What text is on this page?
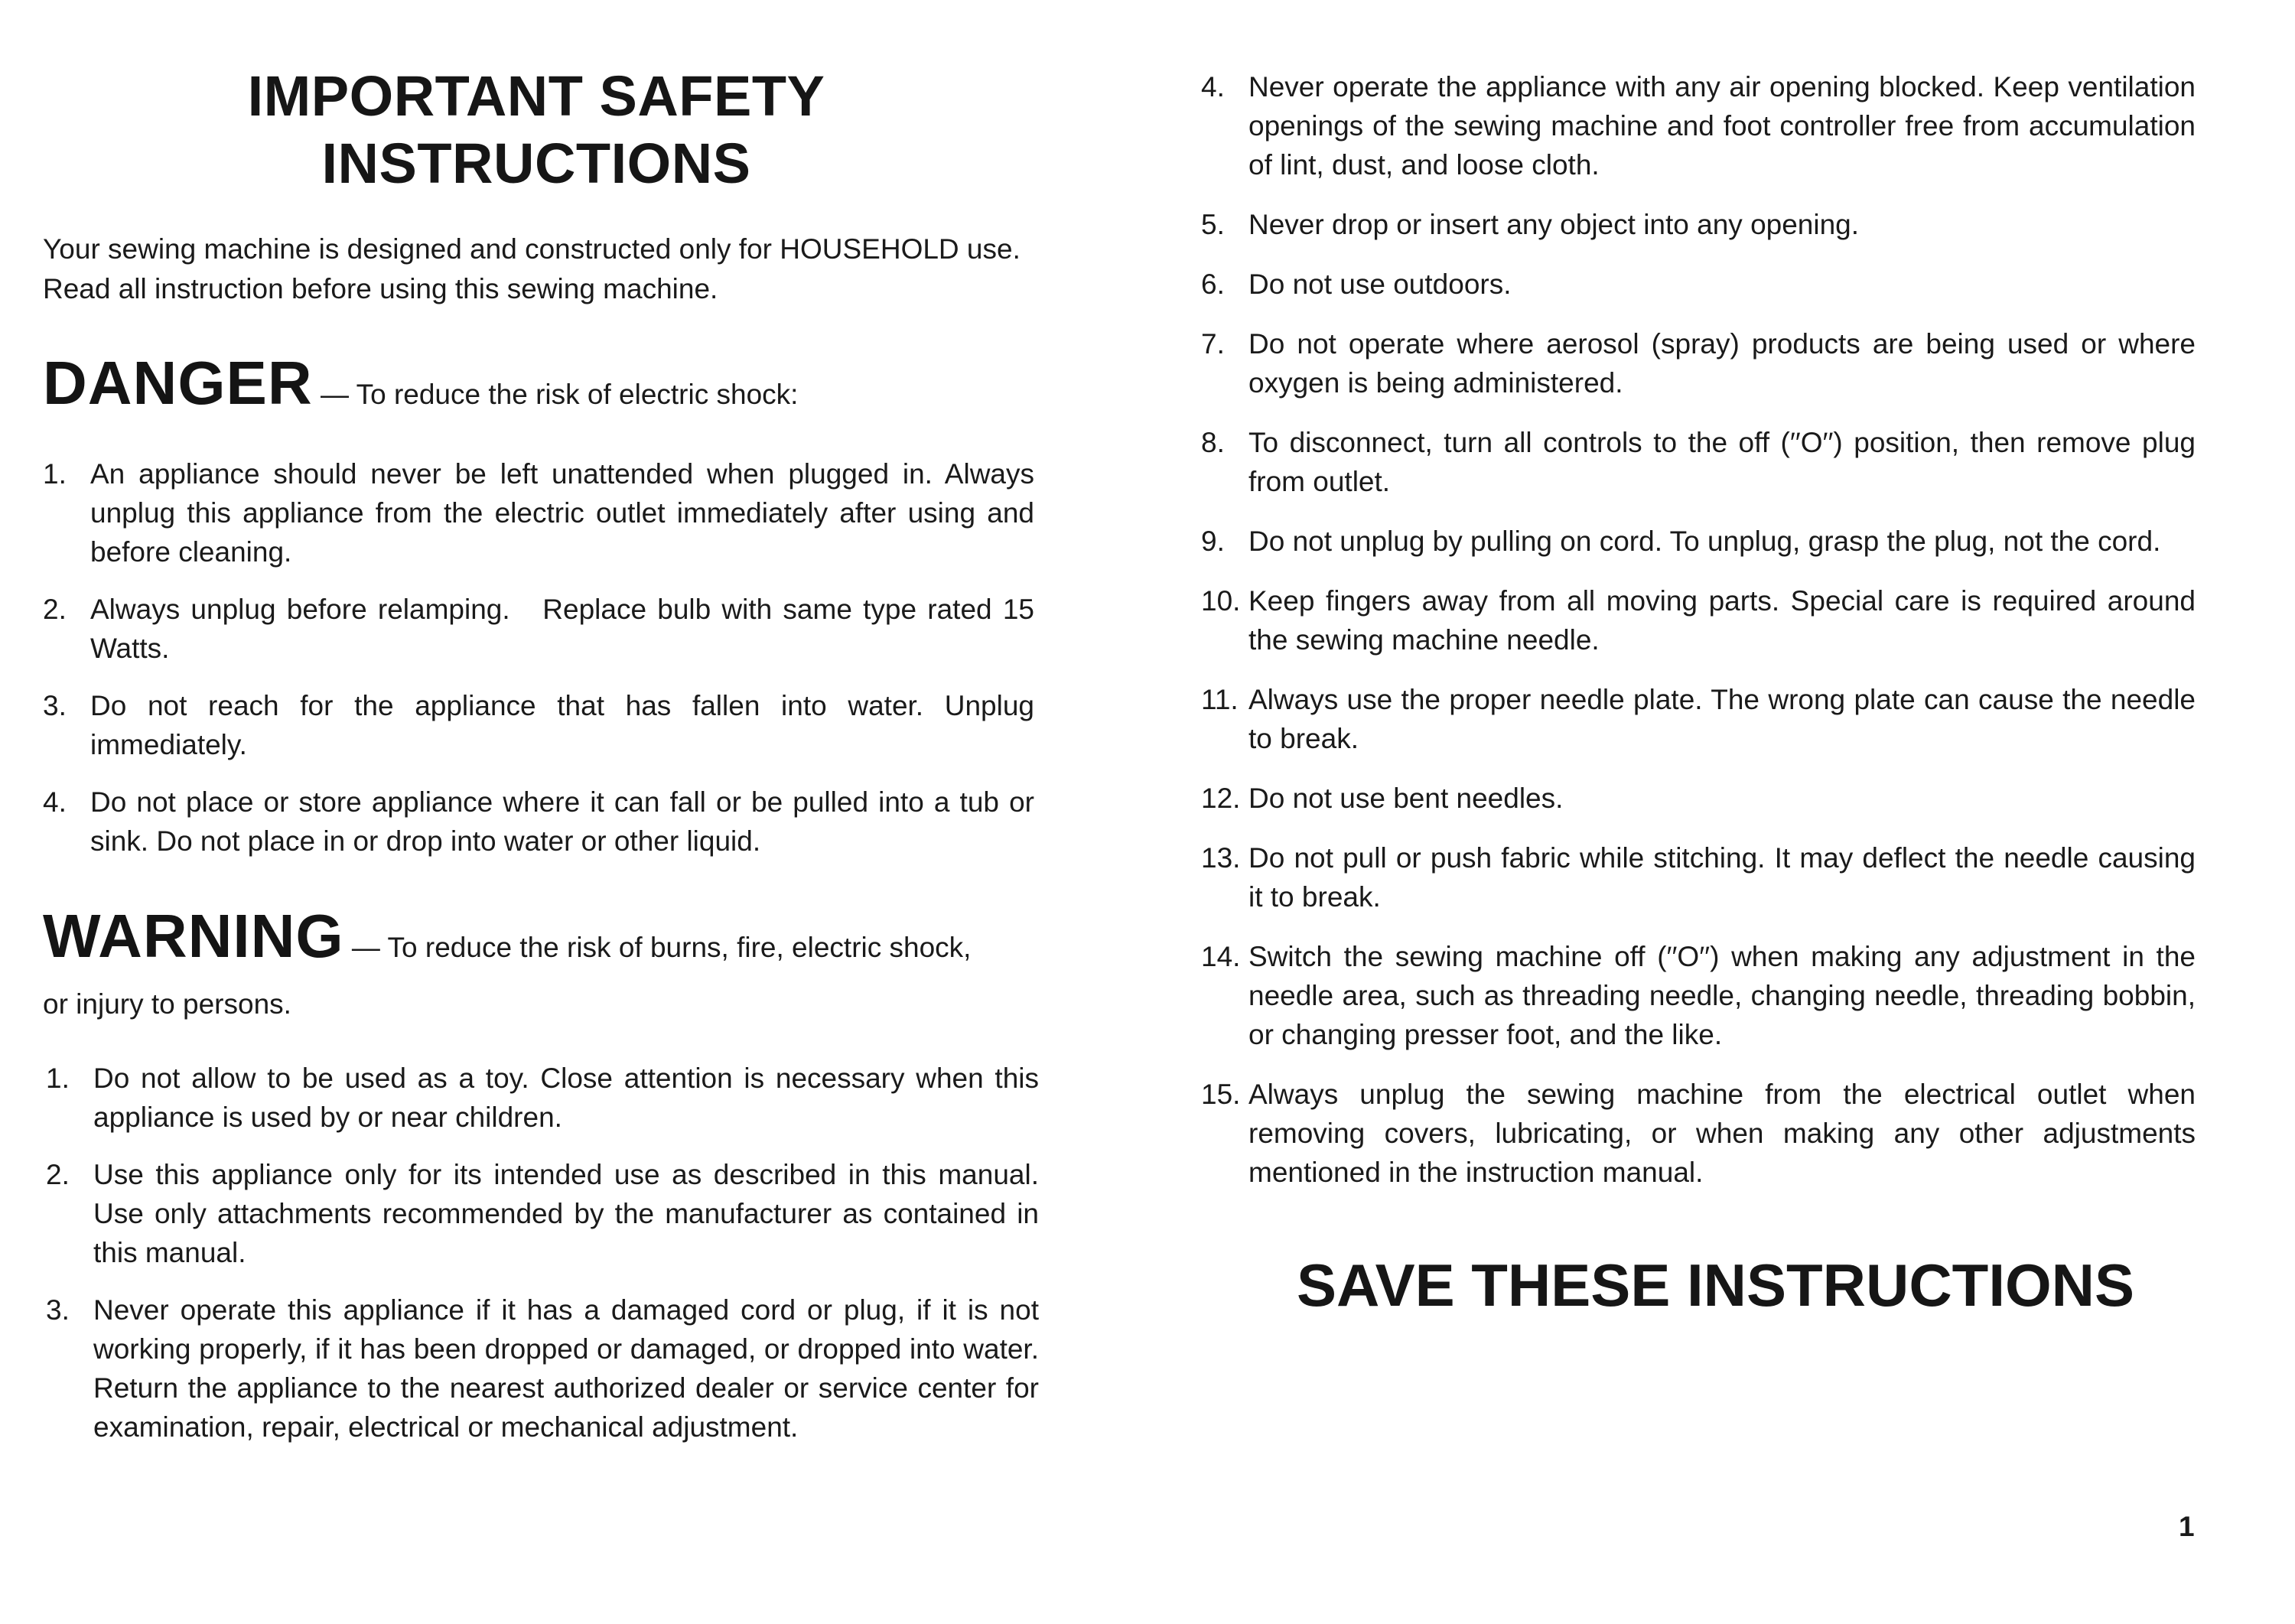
IMPORTANT SAFETY
INSTRUCTIONS

Your sewing machine is designed and constructed only for HOUSEHOLD use.
Read all instruction before using this sewing machine.

DANGER — To reduce the risk of electric shock:
1. An appliance should never be left unattended when plugged in. Always unplug this appliance from the electric outlet immediately after using and before cleaning.
2. Always unplug before relamping.   Replace bulb with same type rated 15 Watts.
3. Do not reach for the appliance that has fallen into water. Unplug immediately.
4. Do not place or store appliance where it can fall or be pulled into a tub or sink. Do not place in or drop into water or other liquid.
WARNING — To reduce the risk of burns, fire, electric shock,
or injury to persons.
1. Do not allow to be used as a toy. Close attention is necessary when this appliance is used by or near children.
2. Use this appliance only for its intended use as described in this manual. Use only attachments recommended by the manufacturer as contained in this manual.
3. Never operate this appliance if it has a damaged cord or plug, if it is not working properly, if it has been dropped or damaged, or dropped into water. Return the appliance to the nearest authorized dealer or service center for examination, repair, electrical or mechanical adjustment.
4. Never operate the appliance with any air opening blocked. Keep ventilation openings of the sewing machine and foot controller free from accumulation of lint, dust, and loose cloth.
5. Never drop or insert any object into any opening.
6. Do not use outdoors.
7. Do not operate where aerosol (spray) products are being used or where oxygen is being administered.
8. To disconnect, turn all controls to the off (′′O′′) position, then remove plug from outlet.
9. Do not unplug by pulling on cord. To unplug, grasp the plug, not the cord.
10. Keep fingers away from all moving parts. Special care is required around the sewing machine needle.
11. Always use the proper needle plate. The wrong plate can cause the needle to break.
12. Do not use bent needles.
13. Do not pull or push fabric while stitching. It may deflect the needle causing it to break.
14. Switch the sewing machine off (′′O′′) when making any adjustment in the needle area, such as threading needle, changing needle, threading bobbin, or changing presser foot, and the like.
15. Always unplug the sewing machine from the electrical outlet when removing covers, lubricating, or when making any other adjustments mentioned in the instruction manual.
SAVE THESE INSTRUCTIONS
1
